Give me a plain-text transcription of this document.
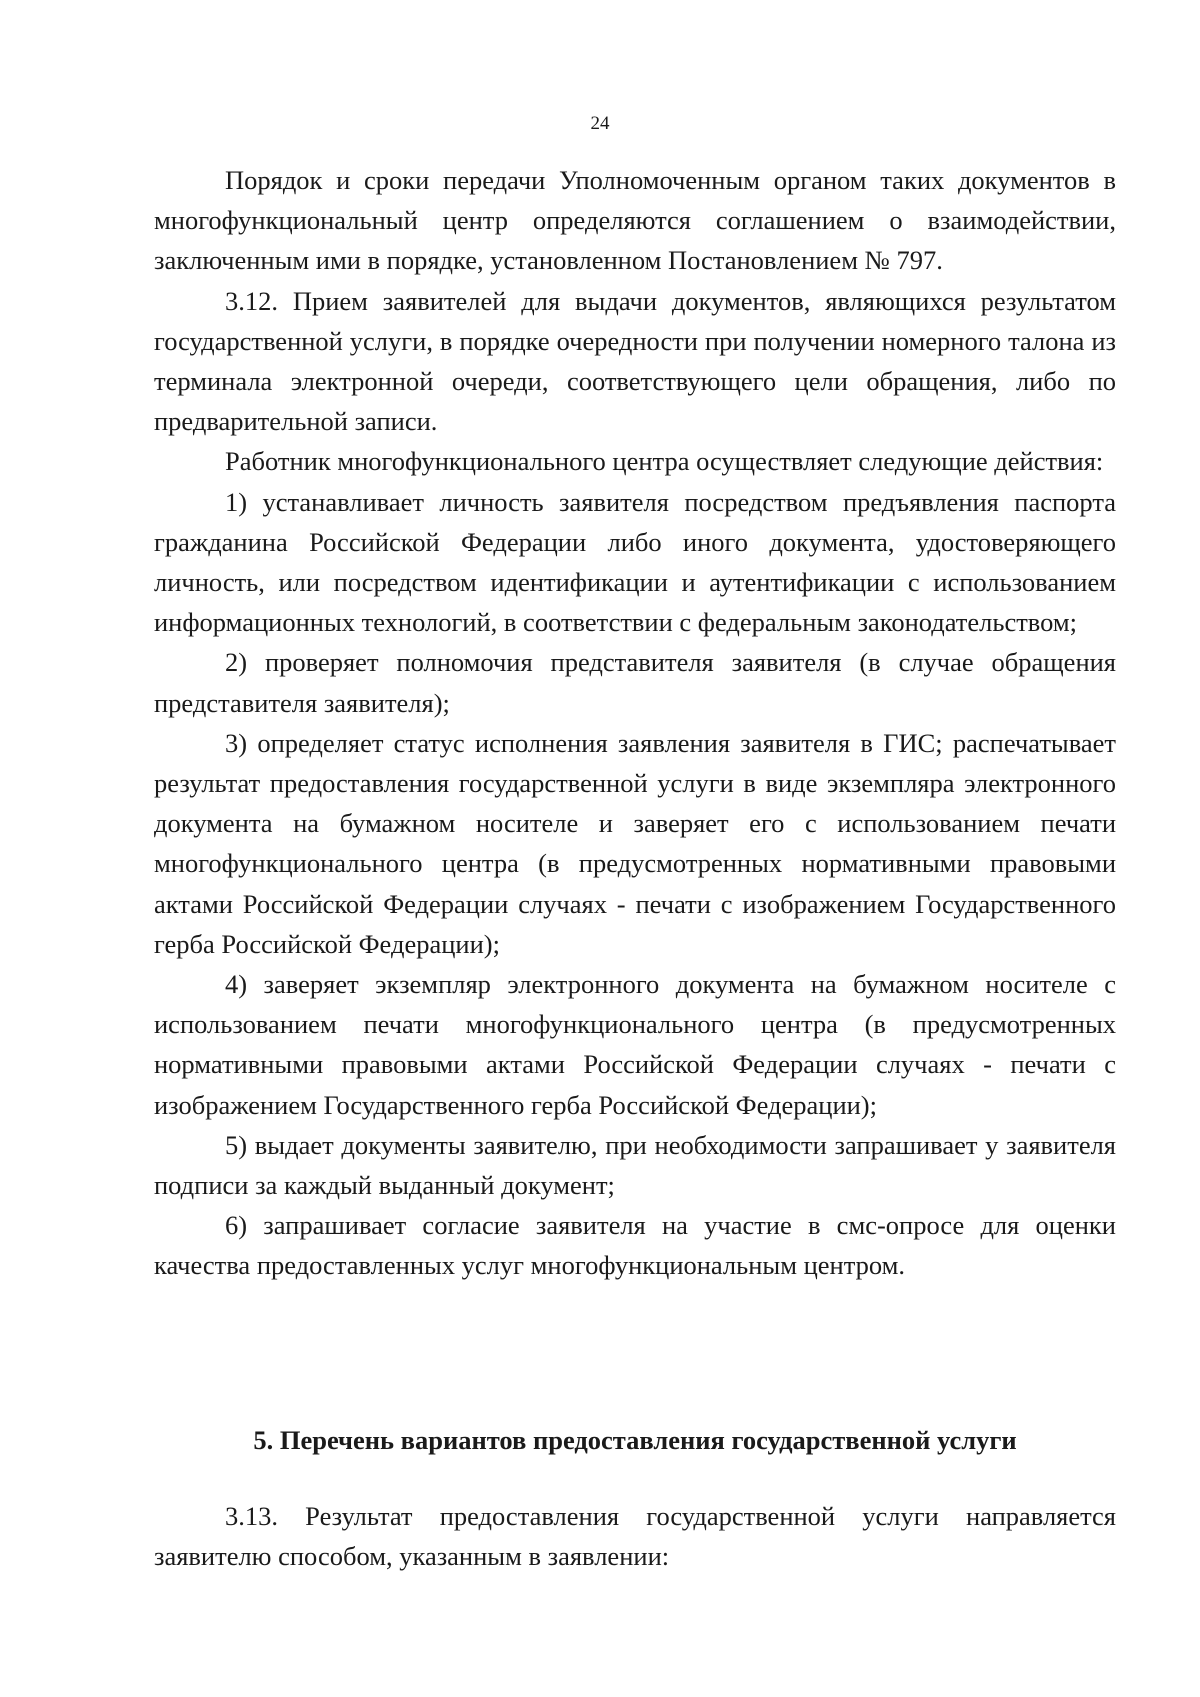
24

Порядок и сроки передачи Уполномоченным органом таких документов в многофункциональный центр определяются соглашением о взаимодействии, заключенным ими в порядке, установленном Постановлением № 797.

3.12. Прием заявителей для выдачи документов, являющихся результатом государственной услуги, в порядке очередности при получении номерного талона из терминала электронной очереди, соответствующего цели обращения, либо по предварительной записи.

Работник многофункционального центра осуществляет следующие действия:

1) устанавливает личность заявителя посредством предъявления паспорта гражданина Российской Федерации либо иного документа, удостоверяющего личность, или посредством идентификации и аутентификации с использованием информационных технологий, в соответствии с федеральным законодательством;

2) проверяет полномочия представителя заявителя (в случае обращения представителя заявителя);

3) определяет статус исполнения заявления заявителя в ГИС; распечатывает результат предоставления государственной услуги в виде экземпляра электронного документа на бумажном носителе и заверяет его с использованием печати многофункционального центра (в предусмотренных нормативными правовыми актами Российской Федерации случаях - печати с изображением Государственного герба Российской Федерации);

4) заверяет экземпляр электронного документа на бумажном носителе с использованием печати многофункционального центра (в предусмотренных нормативными правовыми актами Российской Федерации случаях - печати с изображением Государственного герба Российской Федерации);

5) выдает документы заявителю, при необходимости запрашивает у заявителя подписи за каждый выданный документ;

6) запрашивает согласие заявителя на участие в смс-опросе для оценки качества предоставленных услуг многофункциональным центром.

5. Перечень вариантов предоставления государственной услуги

3.13. Результат предоставления государственной услуги направляется заявителю способом, указанным в заявлении:
